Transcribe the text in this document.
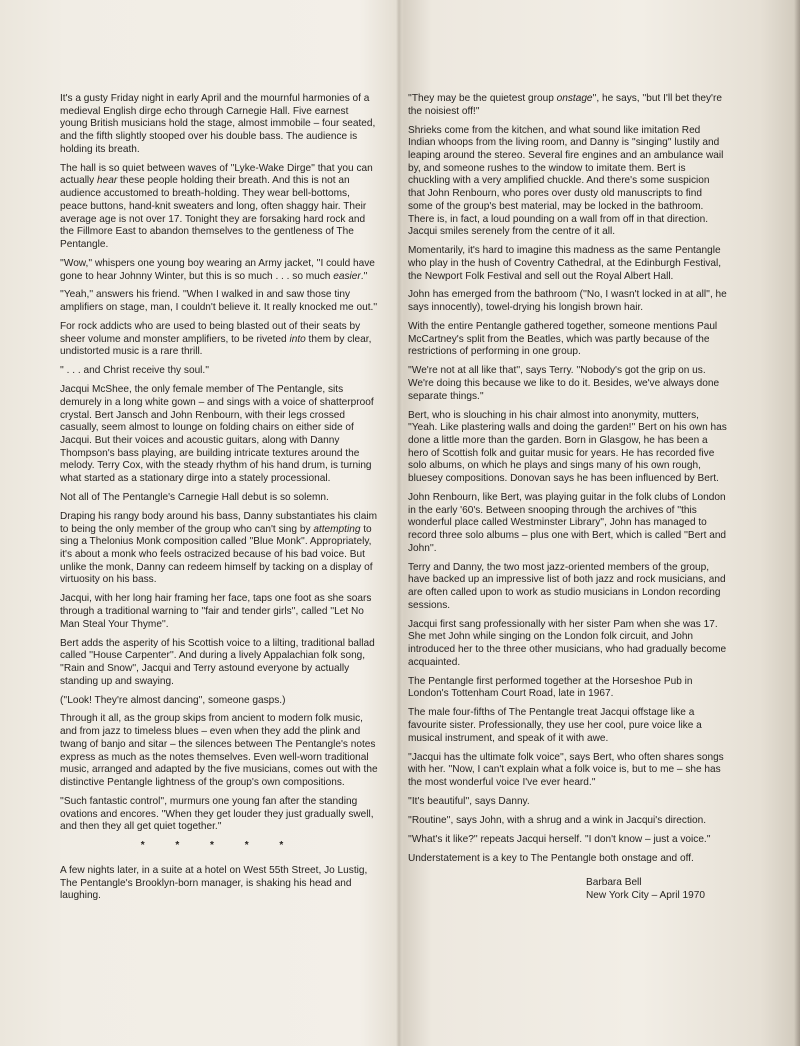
It's a gusty Friday night in early April and the mournful harmonies of a medieval English dirge echo through Carnegie Hall. Five earnest young British musicians hold the stage, almost immobile – four seated, and the fifth slightly stooped over his double bass. The audience is holding its breath.

The hall is so quiet between waves of ''Lyke-Wake Dirge'' that you can actually hear these people holding their breath. And this is not an audience accustomed to breath-holding. They wear bell-bottoms, peace buttons, hand-knit sweaters and long, often shaggy hair. Their average age is not over 17. Tonight they are forsaking hard rock and the Fillmore East to abandon themselves to the gentleness of The Pentangle.

''Wow,'' whispers one young boy wearing an Army jacket, ''I could have gone to hear Johnny Winter, but this is so much . . . so much easier.''

''Yeah,'' answers his friend. ''When I walked in and saw those tiny amplifiers on stage, man, I couldn't believe it. It really knocked me out.''

For rock addicts who are used to being blasted out of their seats by sheer volume and monster amplifiers, to be riveted into them by clear, undistorted music is a rare thrill.

'' . . . and Christ receive thy soul.''

Jacqui McShee, the only female member of The Pentangle, sits demurely in a long white gown – and sings with a voice of shatterproof crystal. Bert Jansch and John Renbourn, with their legs crossed casually, seem almost to lounge on folding chairs on either side of Jacqui. But their voices and acoustic guitars, along with Danny Thompson's bass playing, are building intricate textures around the melody. Terry Cox, with the steady rhythm of his hand drum, is turning what started as a stationary dirge into a stately processional.

Not all of The Pentangle's Carnegie Hall debut is so solemn.

Draping his rangy body around his bass, Danny substantiates his claim to being the only member of the group who can't sing by attempting to sing a Thelonius Monk composition called ''Blue Monk''. Appropriately, it's about a monk who feels ostracized because of his bad voice. But unlike the monk, Danny can redeem himself by tacking on a display of virtuosity on his bass.

Jacqui, with her long hair framing her face, taps one foot as she soars through a traditional warning to ''fair and tender girls'', called ''Let No Man Steal Your Thyme''.

Bert adds the asperity of his Scottish voice to a lilting, traditional ballad called ''House Carpenter''. And during a lively Appalachian folk song, ''Rain and Snow'', Jacqui and Terry astound everyone by actually standing up and swaying.

(''Look! They're almost dancing'', someone gasps.)

Through it all, as the group skips from ancient to modern folk music, and from jazz to timeless blues – even when they add the plink and twang of banjo and sitar – the silences between The Pentangle's notes express as much as the notes themselves. Even well-worn traditional music, arranged and adapted by the five musicians, comes out with the distinctive Pentangle lightness of the group's own compositions.

''Such fantastic control'', murmurs one young fan after the standing ovations and encores. ''When they get louder they just gradually swell, and then they all get quiet together.''

* * * * *

A few nights later, in a suite at a hotel on West 55th Street, Jo Lustig, The Pentangle's Brooklyn-born manager, is shaking his head and laughing.

''They may be the quietest group onstage'', he says, ''but I'll bet they're the noisiest off!''

Shrieks come from the kitchen, and what sound like imitation Red Indian whoops from the living room, and Danny is ''singing'' lustily and leaping around the stereo. Several fire engines and an ambulance wail by, and someone rushes to the window to imitate them. Bert is chuckling with a very amplified chuckle. And there's some suspicion that John Renbourn, who pores over dusty old manuscripts to find some of the group's best material, may be locked in the bathroom. There is, in fact, a loud pounding on a wall from off in that direction. Jacqui smiles serenely from the centre of it all.

Momentarily, it's hard to imagine this madness as the same Pentangle who play in the hush of Coventry Cathedral, at the Edinburgh Festival, the Newport Folk Festival and sell out the Royal Albert Hall.

John has emerged from the bathroom (''No, I wasn't locked in at all'', he says innocently), towel-drying his longish brown hair.

With the entire Pentangle gathered together, someone mentions Paul McCartney's split from the Beatles, which was partly because of the restrictions of performing in one group.

''We're not at all like that'', says Terry. ''Nobody's got the grip on us. We're doing this because we like to do it. Besides, we've always done separate things.''

Bert, who is slouching in his chair almost into anonymity, mutters, ''Yeah. Like plastering walls and doing the garden!'' Bert on his own has done a little more than the garden. Born in Glasgow, he has been a hero of Scottish folk and guitar music for years. He has recorded five solo albums, on which he plays and sings many of his own rough, bluesey compositions. Donovan says he has been influenced by Bert.

John Renbourn, like Bert, was playing guitar in the folk clubs of London in the early '60's. Between snooping through the archives of ''this wonderful place called Westminster Library'', John has managed to record three solo albums – plus one with Bert, which is called ''Bert and John''.

Terry and Danny, the two most jazz-oriented members of the group, have backed up an impressive list of both jazz and rock musicians, and are often called upon to work as studio musicians in London recording sessions.

Jacqui first sang professionally with her sister Pam when she was 17. She met John while singing on the London folk circuit, and John introduced her to the three other musicians, who had gradually become acquainted.

The Pentangle first performed together at the Horseshoe Pub in London's Tottenham Court Road, late in 1967.

The male four-fifths of The Pentangle treat Jacqui offstage like a favourite sister. Professionally, they use her cool, pure voice like a musical instrument, and speak of it with awe.

''Jacqui has the ultimate folk voice'', says Bert, who often shares songs with her. ''Now, I can't explain what a folk voice is, but to me – she has the most wonderful voice I've ever heard.''

''It's beautiful'', says Danny.

''Routine'', says John, with a shrug and a wink in Jacqui's direction.

''What's it like?'' repeats Jacqui herself. ''I don't know – just a voice.''

Understatement is a key to The Pentangle both onstage and off.

Barbara Bell
New York City – April 1970
